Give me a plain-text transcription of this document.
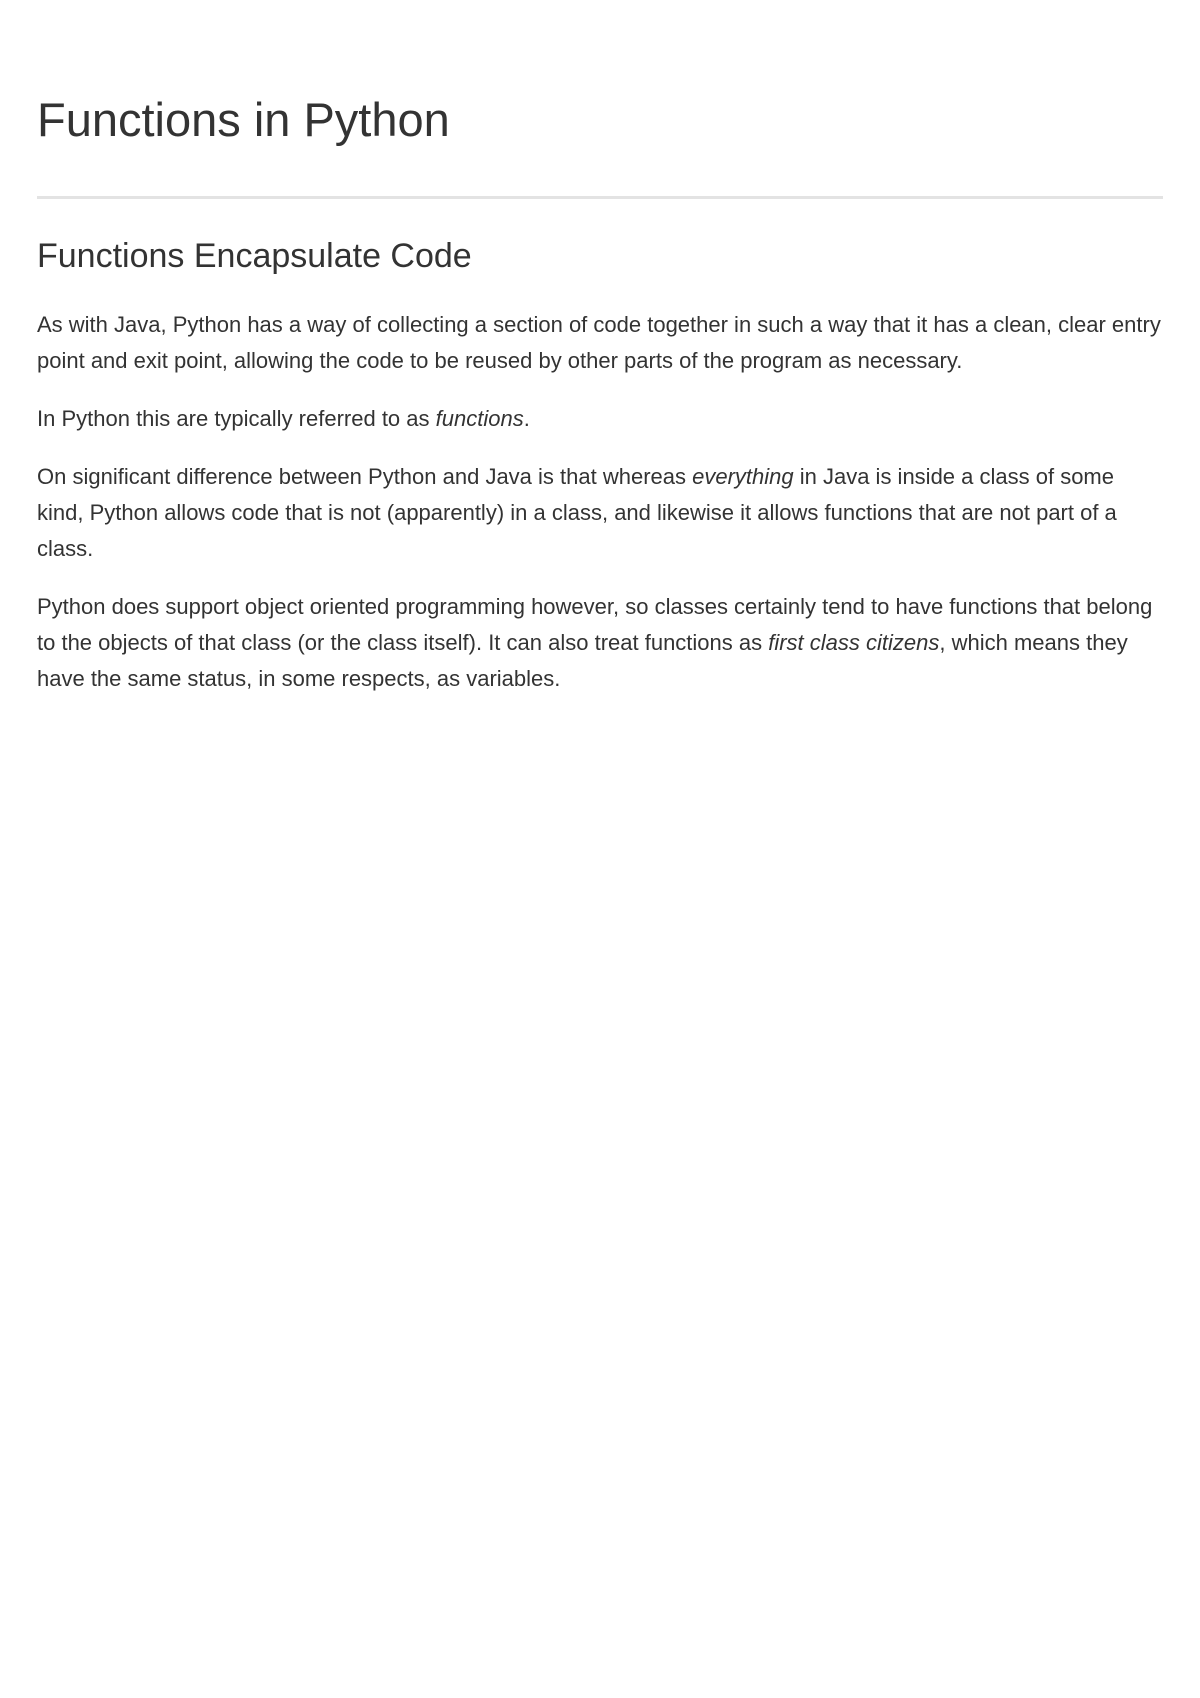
Functions in Python
Functions Encapsulate Code

As with Java, Python has a way of collecting a section of code together in such a way that it has a clean, clear entry point and exit point, allowing the code to be reused by other parts of the program as necessary.

In Python this are typically referred to as functions.

On significant difference between Python and Java is that whereas everything in Java is inside a class of some kind, Python allows code that is not (apparently) in a class, and likewise it allows functions that are not part of a class.

Python does support object oriented programming however, so classes certainly tend to have functions that belong to the objects of that class (or the class itself). It can also treat functions as first class citizens, which means they have the same status, in some respects, as variables.
